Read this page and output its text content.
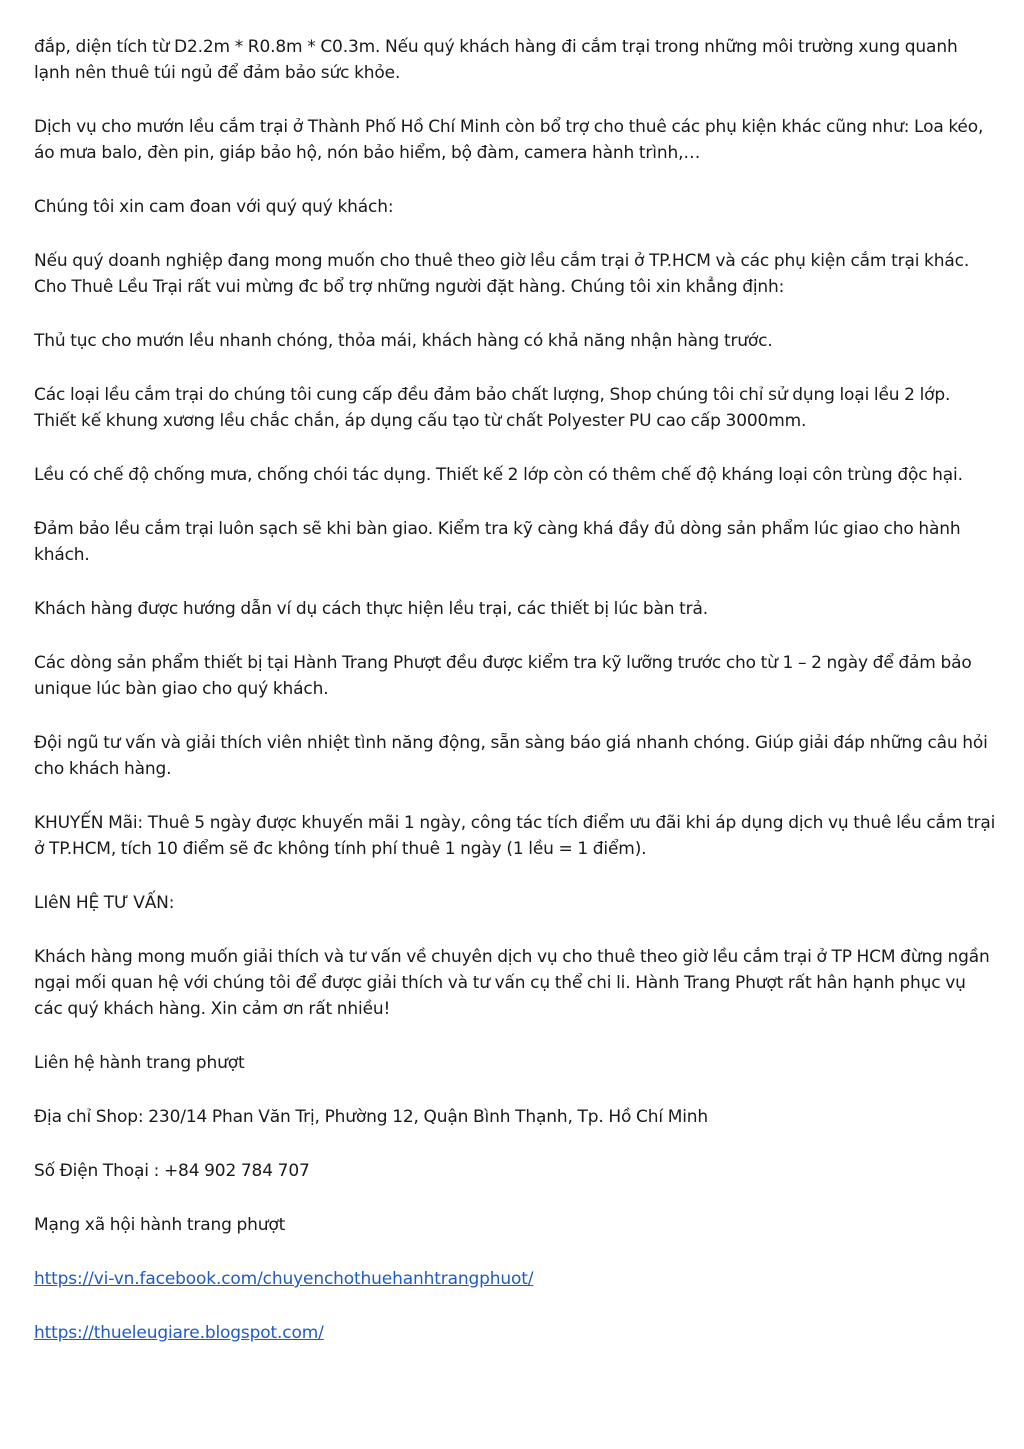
đắp, diện tích từ D2.2m * R0.8m * C0.3m. Nếu quý khách hàng đi cắm trại trong những môi trường xung quanh lạnh nên thuê túi ngủ để đảm bảo sức khỏe.

Dịch vụ cho mướn lều cắm trại ở Thành Phố Hồ Chí Minh còn bổ trợ cho thuê các phụ kiện khác cũng như: Loa kéo, áo mưa balo, đèn pin, giáp bảo hộ, nón bảo hiểm, bộ đàm, camera hành trình,…

Chúng tôi xin cam đoan với quý quý khách:

Nếu quý doanh nghiệp đang mong muốn cho thuê theo giờ lều cắm trại ở TP.HCM và các phụ kiện cắm trại khác. Cho Thuê Lều Trại rất vui mừng đc bổ trợ những người đặt hàng. Chúng tôi xin khẳng định:

Thủ tục cho mướn lều nhanh chóng, thỏa mái, khách hàng có khả năng nhận hàng trước.

Các loại lều cắm trại do chúng tôi cung cấp đều đảm bảo chất lượng, Shop chúng tôi chỉ sử dụng loại lều 2 lớp. Thiết kế khung xương lều chắc chắn, áp dụng cấu tạo từ chất Polyester PU cao cấp 3000mm.

Lều có chế độ chống mưa, chống chói tác dụng. Thiết kế 2 lớp còn có thêm chế độ kháng loại côn trùng độc hại.

Đảm bảo lều cắm trại luôn sạch sẽ khi bàn giao. Kiểm tra kỹ càng khá đầy đủ dòng sản phẩm lúc giao cho hành khách.

Khách hàng được hướng dẫn ví dụ cách thực hiện lều trại, các thiết bị lúc bàn trả.

Các dòng sản phẩm thiết bị tại Hành Trang Phượt đều được kiểm tra kỹ lưỡng trước cho từ 1 – 2 ngày để đảm bảo unique lúc bàn giao cho quý khách.

Đội ngũ tư vấn và giải thích viên nhiệt tình năng động, sẵn sàng báo giá nhanh chóng. Giúp giải đáp những câu hỏi cho khách hàng.

KHUYẾN Mãi: Thuê 5 ngày được khuyến mãi 1 ngày, công tác tích điểm ưu đãi khi áp dụng dịch vụ thuê lều cắm trại ở TP.HCM, tích 10 điểm sẽ đc không tính phí thuê 1 ngày (1 lều = 1 điểm).

LIêN HỆ TƯ VẤN:

Khách hàng mong muốn giải thích và tư vấn về chuyên dịch vụ cho thuê theo giờ lều cắm trại ở TP HCM đừng ngần ngại mối quan hệ với chúng tôi để được giải thích và tư vấn cụ thể chi li. Hành Trang Phượt rất hân hạnh phục vụ các quý khách hàng. Xin cảm ơn rất nhiều!

Liên hệ hành trang phượt

Địa chỉ Shop: 230/14 Phan Văn Trị, Phường 12, Quận Bình Thạnh, Tp. Hồ Chí Minh

Số Điện Thoại : +84 902 784 707

Mạng xã hội hành trang phượt

https://vi-vn.facebook.com/chuyenchothuehanhtrangphuot/

https://thueleugiare.blogspot.com/
